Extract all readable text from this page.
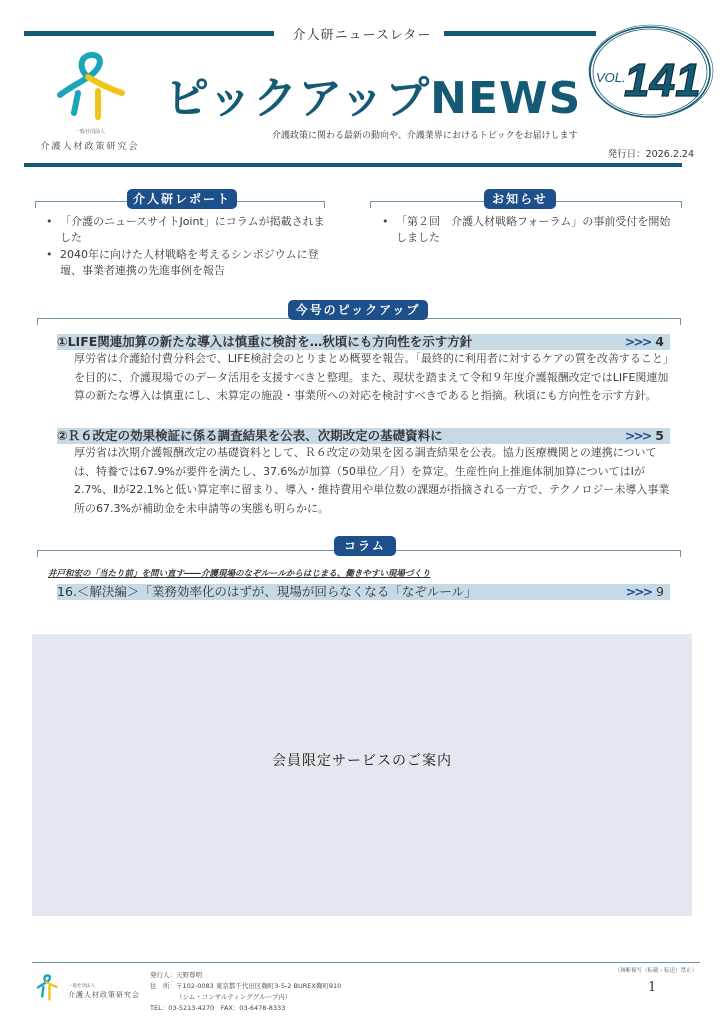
介人研ニュースレター
一般社団法人
介護人材政策研究会
ピックアップNEWS
介護政策に関わる最新の動向や、介護業界におけるトピックをお届けします
VOL.
141
発行日：2026.2.24
介人研レポート
• 「介護のニュースサイトJoint」にコラムが掲載されました
• 2040年に向けた人材戦略を考えるシンポジウムに登壇、事業者連携の先進事例を報告
お知らせ
• 「第２回　介護人材戦略フォーラム」の事前受付を開始しました
今号のピックアップ
①LIFE関連加算の新たな導入は慎重に検討を…秋頃にも方向性を示す方針	>>> 4
厚労省は介護給付費分科会で、LIFE検討会のとりまとめ概要を報告。「最終的に利用者に対するケアの質を改善すること」を目的に、介護現場でのデータ活用を支援すべきと整理。また、現状を踏まえて令和９年度介護報酬改定ではLIFE関連加算の新たな導入は慎重にし、未算定の施設・事業所への対応を検討すべきであると指摘。秋頃にも方向性を示す方針。
②Ｒ６改定の効果検証に係る調査結果を公表、次期改定の基礎資料に	>>> 5
厚労省は次期介護報酬改定の基礎資料として、Ｒ６改定の効果を図る調査結果を公表。協力医療機関との連携については、特養では67.9%が要件を満たし、37.6%が加算（50単位／月）を算定。生産性向上推進体制加算についてはⅠが2.7%、Ⅱが22.1%と低い算定率に留まり、導入・維持費用や単位数の課題が指摘される一方で、テクノロジー未導入事業所の67.3%が補助金を未申請等の実態も明らかに。
コラム
井戸和宏の「当たり前」を問い直す――介護現場のなぞルールからはじまる、働きやすい現場づくり
16.＜解決編＞「業務効率化のはずが、現場が回らなくなる「なぞルール」	>>> 9
会員限定サービスのご案内
一般社団法人
介護人材政策研究会
発行人：天野尊明
住　所：〒102-0083 東京都千代田区麹町3-5-2 BUREX麹町910
（シム・コンサルティンググループ内）
TEL：03-5213-4270　FAX：03-6478-8333
（無断複写（転載・転送）禁止）
1
